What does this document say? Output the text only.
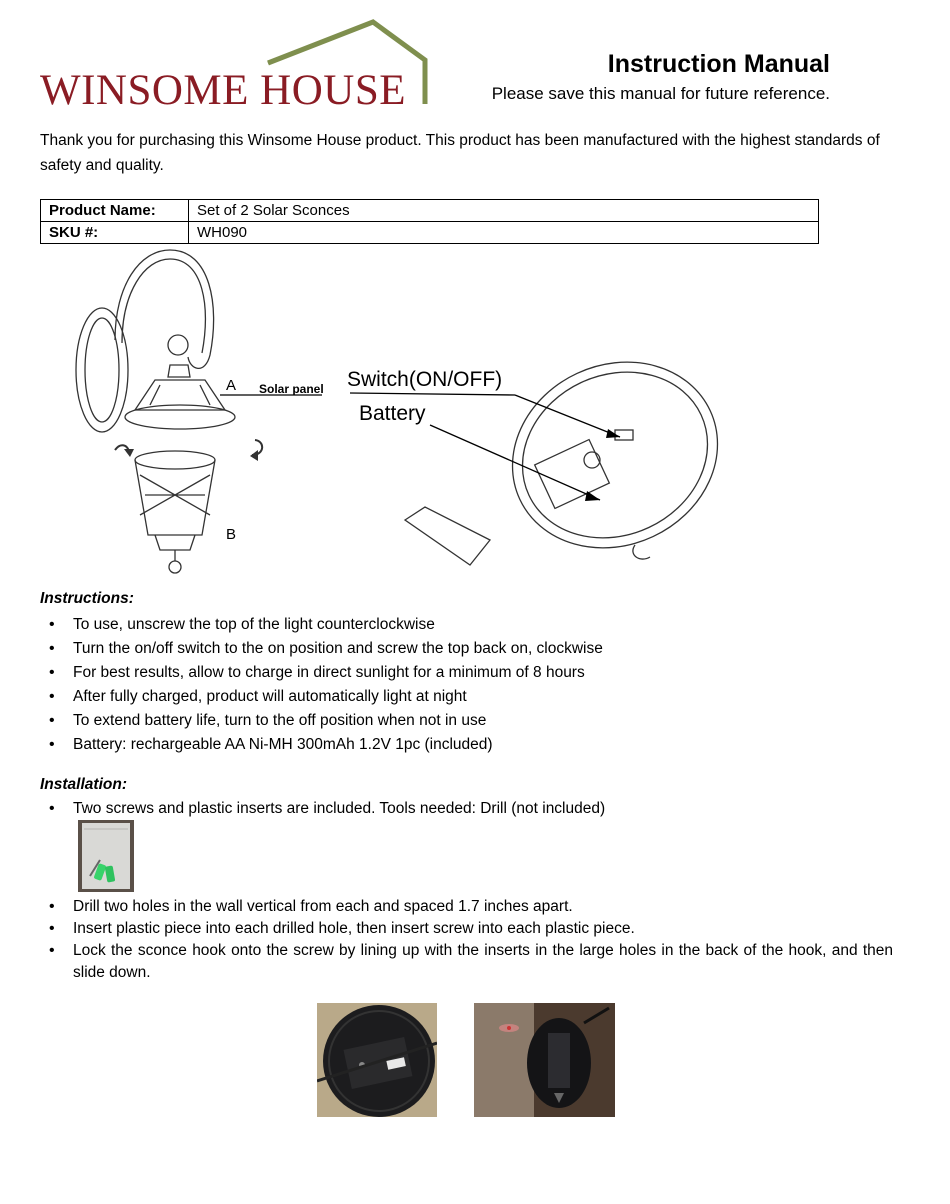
WINSOME HOUSE
Instruction Manual
Please save this manual for future reference.
Thank you for purchasing this Winsome House product. This product has been manufactured with the highest standards of safety and quality.
Product Name:	Set of 2 Solar Sconces
SKU #:	WH090
A Solar panel
B
Switch(ON/OFF)
Battery
Instructions:
• To use, unscrew the top of the light counterclockwise
• Turn the on/off switch to the on position and screw the top back on, clockwise
• For best results, allow to charge in direct sunlight for a minimum of 8 hours
• After fully charged, product will automatically light at night
• To extend battery life, turn to the off position when not in use
• Battery: rechargeable AA Ni-MH 300mAh 1.2V 1pc (included)
Installation:
• Two screws and plastic inserts are included. Tools needed: Drill (not included)
• Drill two holes in the wall vertical from each and spaced 1.7 inches apart.
• Insert plastic piece into each drilled hole, then insert screw into each plastic piece.
• Lock the sconce hook onto the screw by lining up with the inserts in the large holes in the back of the hook, and then slide down.
